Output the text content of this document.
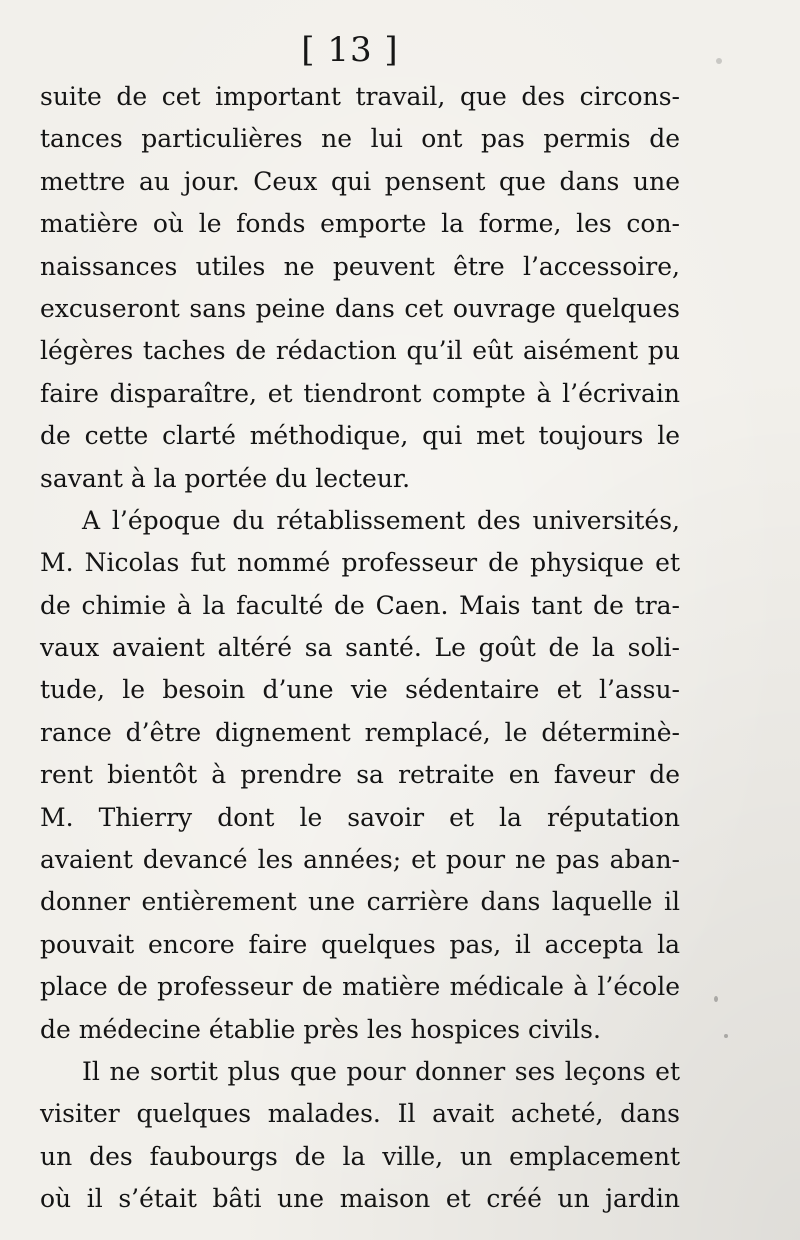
[ 13 ]
suite de cet important travail, que des circons-
tances particulières ne lui ont pas permis de
mettre au jour. Ceux qui pensent que dans une
matière où le fonds emporte la forme, les con-
naissances utiles ne peuvent être l’accessoire,
excuseront sans peine dans cet ouvrage quelques
légères taches de rédaction qu’il eût aisément pu
faire disparaître, et tiendront compte à l’écrivain
de cette clarté méthodique, qui met toujours le
savant à la portée du lecteur.
A l’époque du rétablissement des universités,
M. Nicolas fut nommé professeur de physique et
de chimie à la faculté de Caen. Mais tant de tra-
vaux avaient altéré sa santé. Le goût de la soli-
tude, le besoin d’une vie sédentaire et l’assu-
rance d’être dignement remplacé, le déterminè-
rent bientôt à prendre sa retraite en faveur de
M. Thierry dont le savoir et la réputation
avaient devancé les années; et pour ne pas aban-
donner entièrement une carrière dans laquelle il
pouvait encore faire quelques pas, il accepta la
place de professeur de matière médicale à l’école
de médecine établie près les hospices civils.
Il ne sortit plus que pour donner ses leçons et
visiter quelques malades. Il avait acheté, dans
un des faubourgs de la ville, un emplacement
où il s’était bâti une maison et créé un jardin
